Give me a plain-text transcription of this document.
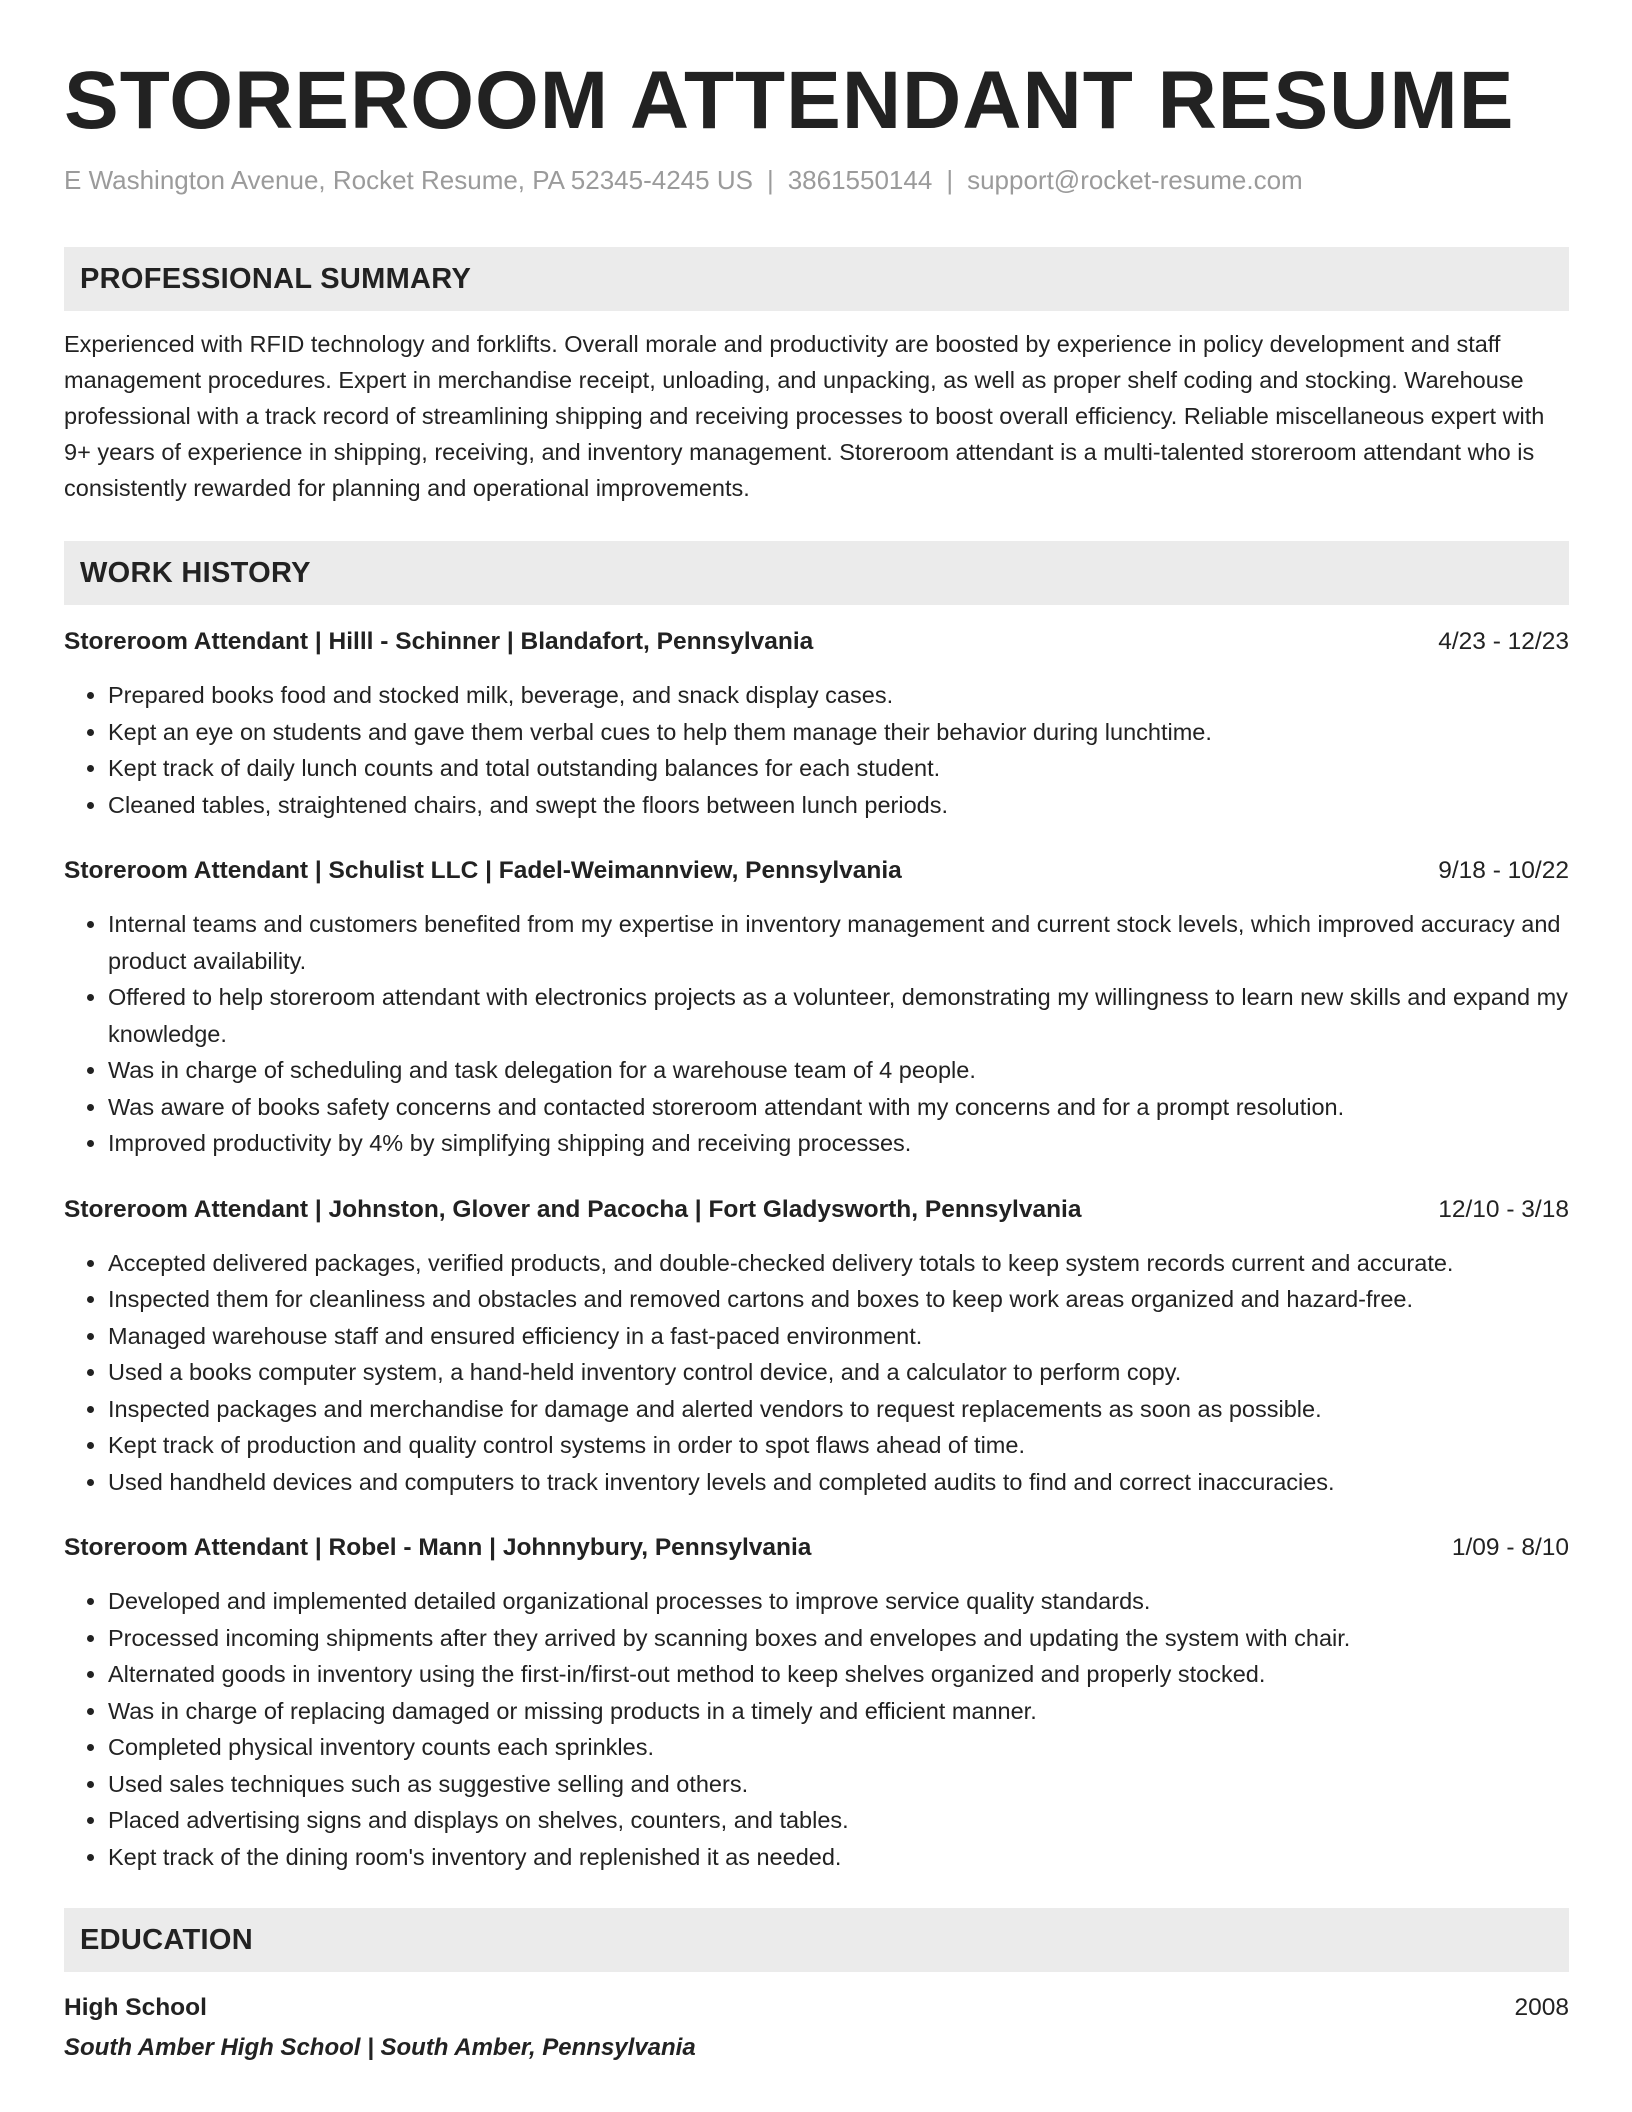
STOREROOM ATTENDANT RESUME
E Washington Avenue, Rocket Resume, PA 52345-4245 US | 3861550144 | support@rocket-resume.com
PROFESSIONAL SUMMARY
Experienced with RFID technology and forklifts. Overall morale and productivity are boosted by experience in policy development and staff management procedures. Expert in merchandise receipt, unloading, and unpacking, as well as proper shelf coding and stocking. Warehouse professional with a track record of streamlining shipping and receiving processes to boost overall efficiency. Reliable miscellaneous expert with 9+ years of experience in shipping, receiving, and inventory management. Storeroom attendant is a multi-talented storeroom attendant who is consistently rewarded for planning and operational improvements.
WORK HISTORY
Storeroom Attendant | Hilll - Schinner | Blandafort, Pennsylvania	4/23 - 12/23
• Prepared books food and stocked milk, beverage, and snack display cases.
• Kept an eye on students and gave them verbal cues to help them manage their behavior during lunchtime.
• Kept track of daily lunch counts and total outstanding balances for each student.
• Cleaned tables, straightened chairs, and swept the floors between lunch periods.
Storeroom Attendant | Schulist LLC | Fadel-Weimannview, Pennsylvania	9/18 - 10/22
• Internal teams and customers benefited from my expertise in inventory management and current stock levels, which improved accuracy and product availability.
• Offered to help storeroom attendant with electronics projects as a volunteer, demonstrating my willingness to learn new skills and expand my knowledge.
• Was in charge of scheduling and task delegation for a warehouse team of 4 people.
• Was aware of books safety concerns and contacted storeroom attendant with my concerns and for a prompt resolution.
• Improved productivity by 4% by simplifying shipping and receiving processes.
Storeroom Attendant | Johnston, Glover and Pacocha | Fort Gladysworth, Pennsylvania	12/10 - 3/18
• Accepted delivered packages, verified products, and double-checked delivery totals to keep system records current and accurate.
• Inspected them for cleanliness and obstacles and removed cartons and boxes to keep work areas organized and hazard-free.
• Managed warehouse staff and ensured efficiency in a fast-paced environment.
• Used a books computer system, a hand-held inventory control device, and a calculator to perform copy.
• Inspected packages and merchandise for damage and alerted vendors to request replacements as soon as possible.
• Kept track of production and quality control systems in order to spot flaws ahead of time.
• Used handheld devices and computers to track inventory levels and completed audits to find and correct inaccuracies.
Storeroom Attendant | Robel - Mann | Johnnybury, Pennsylvania	1/09 - 8/10
• Developed and implemented detailed organizational processes to improve service quality standards.
• Processed incoming shipments after they arrived by scanning boxes and envelopes and updating the system with chair.
• Alternated goods in inventory using the first-in/first-out method to keep shelves organized and properly stocked.
• Was in charge of replacing damaged or missing products in a timely and efficient manner.
• Completed physical inventory counts each sprinkles.
• Used sales techniques such as suggestive selling and others.
• Placed advertising signs and displays on shelves, counters, and tables.
• Kept track of the dining room's inventory and replenished it as needed.
EDUCATION
High School	2008
South Amber High School | South Amber, Pennsylvania
